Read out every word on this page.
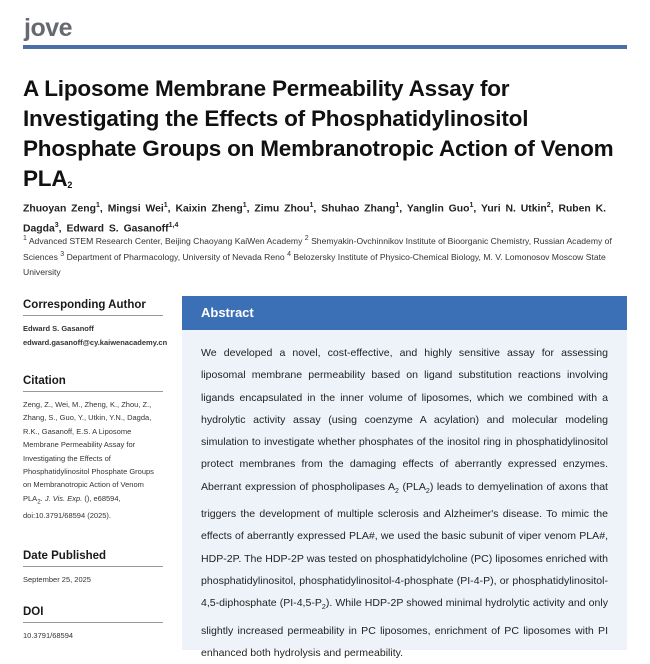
jove
A Liposome Membrane Permeability Assay for Investigating the Effects of Phosphatidylinositol Phosphate Groups on Membranotropic Action of Venom $PLA_2$
Zhuoyan Zeng$^1$, Mingsi Wei$^1$, Kaixin Zheng$^1$, Zimu Zhou$^1$, Shuhao Zhang$^1$, Yanglin Guo$^1$, Yuri N. Utkin$^2$, Ruben K. Dagda$^3$, Edward S. Gasanoff$^{1,4}$
$^1$ Advanced STEM Research Center, Beijing Chaoyang KaiWen Academy $^2$ Shemyakin-Ovchinnikov Institute of Bioorganic Chemistry, Russian Academy of Sciences $^3$ Department of Pharmacology, University of Nevada Reno $^4$ Belozersky Institute of Physico-Chemical Biology, M. V. Lomonosov Moscow State University
Corresponding Author
Edward S. Gasanoff
edward.gasanoff@cy.kaiwenacademy.cn
Citation
Zeng, Z., Wei, M., Zheng, K., Zhou, Z., Zhang, S., Guo, Y., Utkin, Y.N., Dagda, R.K., Gasanoff, E.S. A Liposome Membrane Permeability Assay for Investigating the Effects of Phosphatidylinositol Phosphate Groups on Membranotropic Action of Venom $PLA_2$. J. Vis. Exp. (), e68594, doi:10.3791/68594 (2025).
Date Published
September 25, 2025
DOI
10.3791/68594
Abstract
We developed a novel, cost-effective, and highly sensitive assay for assessing liposomal membrane permeability based on ligand substitution reactions involving ligands encapsulated in the inner volume of liposomes, which we combined with a hydrolytic activity assay (using coenzyme A acylation) and molecular modeling simulation to investigate whether phosphates of the inositol ring in phosphatidylinositol protect membranes from the damaging effects of aberrantly expressed enzymes. Aberrant expression of phospholipases $A_2$ $(PLA_2)$ leads to demyelination of axons that triggers the development of multiple sclerosis and Alzheimer's disease. To mimic the effects of aberrantly expressed PLA#, we used the basic subunit of viper venom PLA#, HDP-2P. The HDP-2P was tested on phosphatidylcholine (PC) liposomes enriched with phosphatidylinositol, phosphatidylinositol-4-phosphate (PI-4-P), or phosphatidylinositol-4,5-diphosphate $(PI-4,5-P_2)$. While HDP-2P showed minimal hydrolytic activity and only slightly increased permeability in PC liposomes, enrichment of PC liposomes with PI enhanced both hydrolysis and permeability.
